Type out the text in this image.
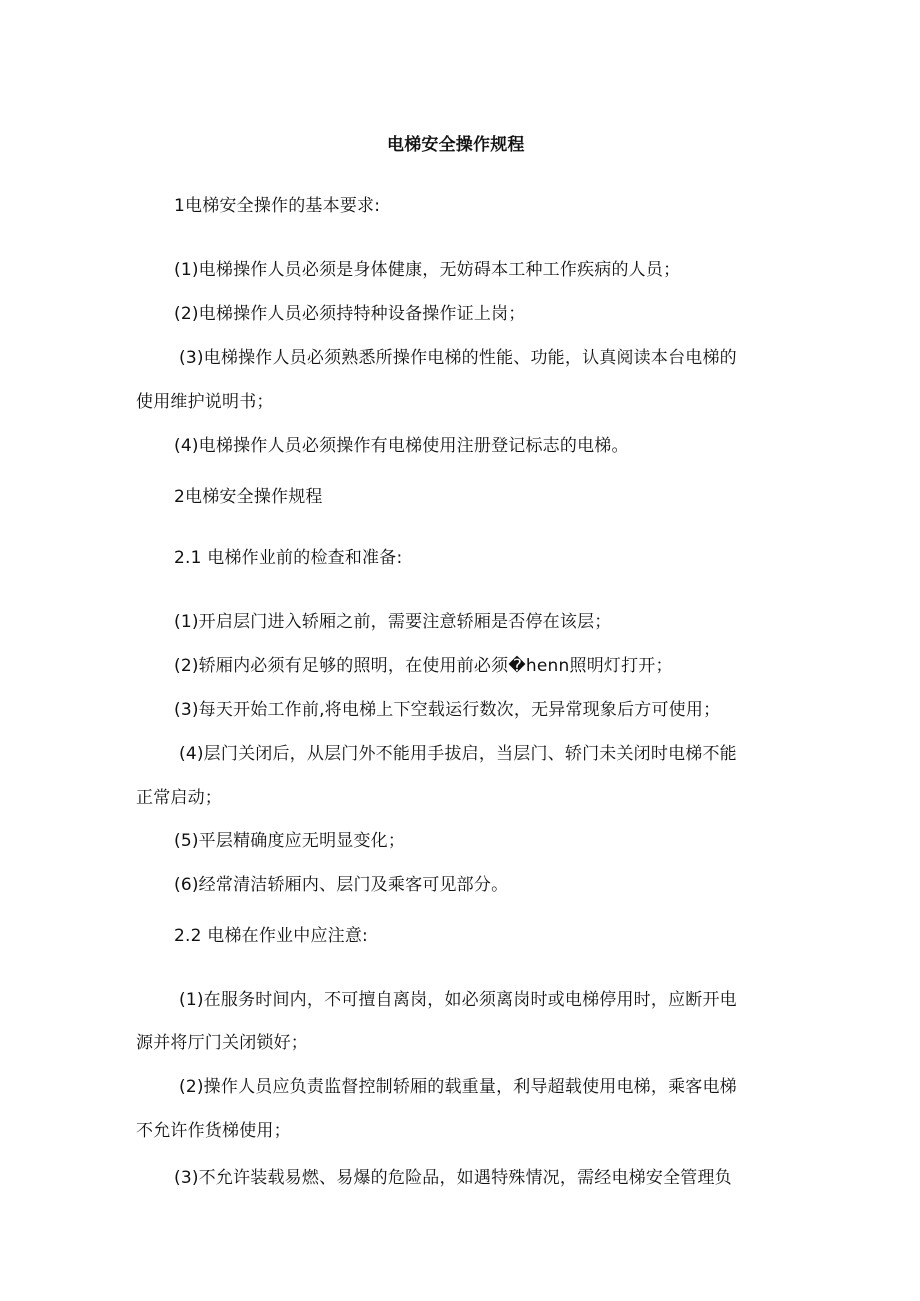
电梯安全操作规程
1电梯安全操作的基本要求:
(1)电梯操作人员必须是身体健康，无妨碍本工种工作疾病的人员；
(2)电梯操作人员必须持特种设备操作证上岗；
(3)电梯操作人员必须熟悉所操作电梯的性能、功能，认真阅读本台电梯的
使用维护说明书；
(4)电梯操作人员必须操作有电梯使用注册登记标志的电梯。
2电梯安全操作规程
2.1 电梯作业前的检查和准备:
(1)开启层门进入轿厢之前，需要注意轿厢是否停在该层；
(2)轿厢内必须有足够的照明，在使用前必须�henn照明灯打开；
(3)每天开始工作前,将电梯上下空载运行数次，无异常现象后方可使用；
(4)层门关闭后，从层门外不能用手拔启，当层门、轿门未关闭时电梯不能
正常启动；
(5)平层精确度应无明显变化；
(6)经常清洁轿厢内、层门及乘客可见部分。
2.2 电梯在作业中应注意:
(1)在服务时间内，不可擅自离岗，如必须离岗时或电梯停用时，应断开电
源并将厅门关闭锁好；
(2)操作人员应负责监督控制轿厢的载重量，利导超载使用电梯，乘客电梯
不允许作货梯使用；
(3)不允许装载易燃、易爆的危险品，如遇特殊情况，需经电梯安全管理负
